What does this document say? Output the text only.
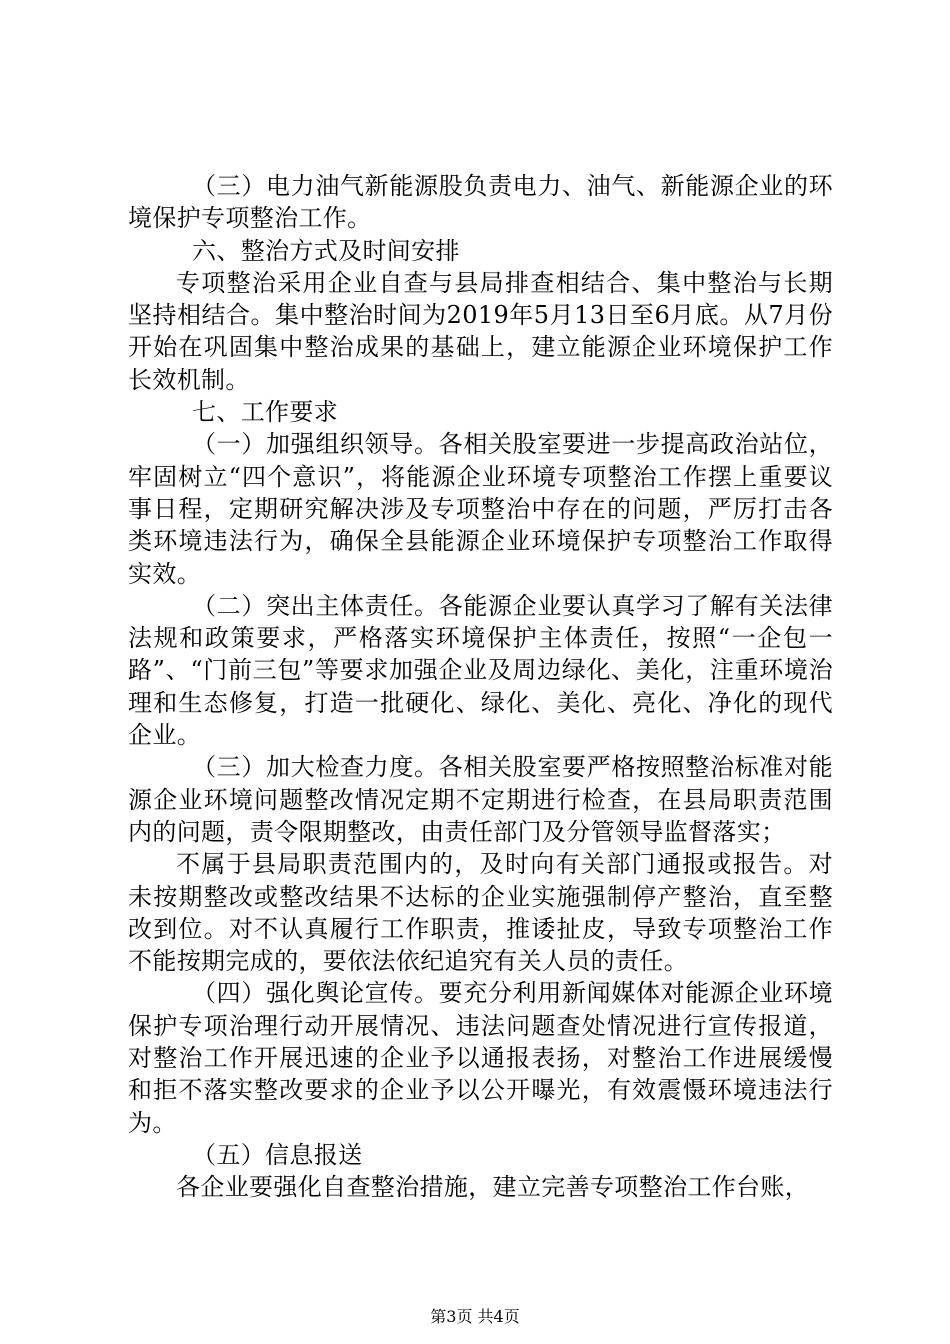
（三）电力油气新能源股负责电力、油气、新能源企业的环境保护专项整治工作。

六、整治方式及时间安排

专项整治采用企业自查与县局排查相结合、集中整治与长期坚持相结合。集中整治时间为2019年5月13日至6月底。从7月份开始在巩固集中整治成果的基础上，建立能源企业环境保护工作长效机制。

七、工作要求

（一）加强组织领导。各相关股室要进一步提高政治站位，牢固树立“四个意识”，将能源企业环境专项整治工作摆上重要议事日程，定期研究解决涉及专项整治中存在的问题，严厉打击各类环境违法行为，确保全县能源企业环境保护专项整治工作取得实效。

（二）突出主体责任。各能源企业要认真学习了解有关法律法规和政策要求，严格落实环境保护主体责任，按照“一企包一路”、“门前三包”等要求加强企业及周边绿化、美化，注重环境治理和生态修复，打造一批硬化、绿化、美化、亮化、净化的现代企业。

（三）加大检查力度。各相关股室要严格按照整治标准对能源企业环境问题整改情况定期不定期进行检查，在县局职责范围内的问题，责令限期整改，由责任部门及分管领导监督落实；

不属于县局职责范围内的，及时向有关部门通报或报告。对未按期整改或整改结果不达标的企业实施强制停产整治，直至整改到位。对不认真履行工作职责，推诿扯皮，导致专项整治工作不能按期完成的，要依法依纪追究有关人员的责任。

（四）强化舆论宣传。要充分利用新闻媒体对能源企业环境保护专项治理行动开展情况、违法问题查处情况进行宣传报道，对整治工作开展迅速的企业予以通报表扬，对整治工作进展缓慢和拒不落实整改要求的企业予以公开曝光，有效震慑环境违法行为。

（五）信息报送

各企业要强化自查整治措施，建立完善专项整治工作台账，

第3页 共4页
